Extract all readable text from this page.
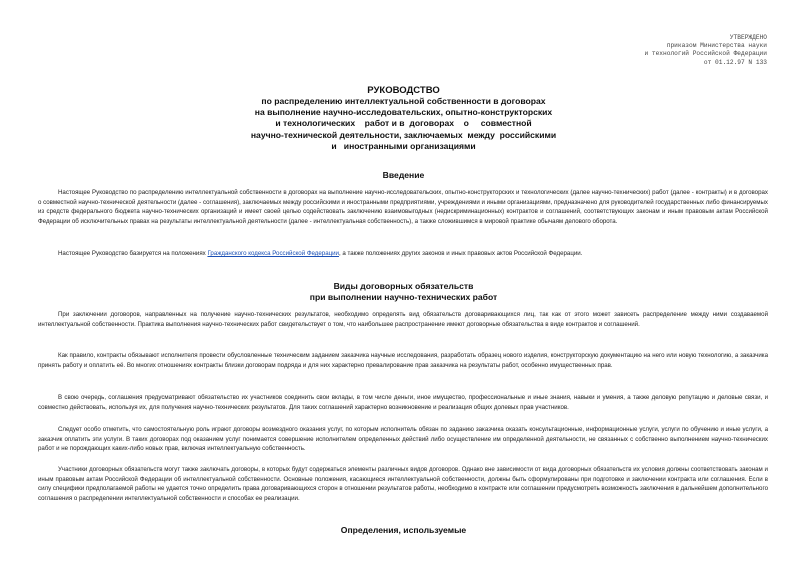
УТВЕРЖДЕНО
приказом Министерства науки
и технологий Российской Федерации
от 01.12.97 N 133
РУКОВОДСТВО
по распределению интеллектуальной собственности в договорах
на выполнение научно-исследовательских, опытно-конструкторских
и технологических    работ и в  договорах    о     совместной
научно-технической деятельности, заключаемых  между  российскими
и   иностранными организациями
Введение
Настоящее Руководство по распределению интеллектуальной собственности в договорах на выполнение научно-исследовательских, опытно-конструкторских и технологических (далее научно-технических) работ (далее - контракты) и в договорах о совместной научно-технической деятельности (далее - соглашения), заключаемых между российскими и иностранными предприятиями, учреждениями и иными организациями, предназначено для руководителей государственных либо финансируемых из средств федерального бюджета научно-технических организаций и имеет своей целью содействовать заключению взаимовыгодных (недискриминационных) контрактов и соглашений, соответствующих законам и иным правовым актам Российской Федерации об исключительных правах на результаты интеллектуальной деятельности (далее - интеллектуальная собственность), а также сложившимся в мировой практике обычаям делового оборота.
Настоящее Руководство базируется на положениях Гражданского кодекса Российской Федерации, а также положениях других законов и иных правовых актов Российской Федерации.
Виды договорных обязательств
при выполнении научно-технических работ
При заключении договоров, направленных на получение научно-технических результатов, необходимо определять вид обязательств договаривающихся лиц, так как от этого может зависеть распределение между ними создаваемой интеллектуальной собственности. Практика выполнения научно-технических работ свидетельствует о том, что наибольшее распространение имеют договорные обязательства в виде контрактов и соглашений.
Как правило, контракты обязывают исполнителя провести обусловленные техническим заданием заказчика научные исследования, разработать образец нового изделия, конструкторскую документацию на него или новую технологию, а заказчика принять работу и оплатить её. Во многих отношениях контракты близки договорам подряда и для них характерно превалирование прав заказчика на результаты работ, особенно имущественных прав.
В свою очередь, соглашения предусматривают обязательство их участников соединить свои вклады, в том числе деньги, иное имущество, профессиональные и иные знания, навыки и умения, а также деловую репутацию и деловые связи, и совместно действовать, используя их, для получения научно-технических результатов. Для таких соглашений характерно возникновение и реализация общих долевых прав участников.
Следует особо отметить, что самостоятельную роль играют договоры возмездного оказания услуг, по которым исполнитель обязан по заданию заказчика оказать консультационные, информационные услуги, услуги по обучению и иные услуги, а заказчик оплатить эти услуги. В таких договорах под оказанием услуг понимается совершение исполнителем определенных действий либо осуществление им определенной деятельности, не связанных с собственно выполнением научно-технических работ и не порождающих каких-либо новых прав, включая интеллектуальную собственность.
Участники договорных обязательств могут также заключать договоры, в которых будут содержаться элементы различных видов договоров. Однако вне зависимости от вида договорных обязательств их условия должны соответствовать законам и иным правовым актам Российской Федерации об интеллектуальной собственности. Основные положения, касающиеся интеллектуальной собственности, должны быть сформулированы при подготовке и заключении контракта или соглашения. Если в силу специфики предполагаемой работы не удается точно определить права договаривающихся сторон в отношении результатов работы, необходимо в контракте или соглашении предусмотреть возможность заключения в дальнейшем дополнительного соглашения о распределении интеллектуальной собственности и способах ее реализации.
Определения, используемые
